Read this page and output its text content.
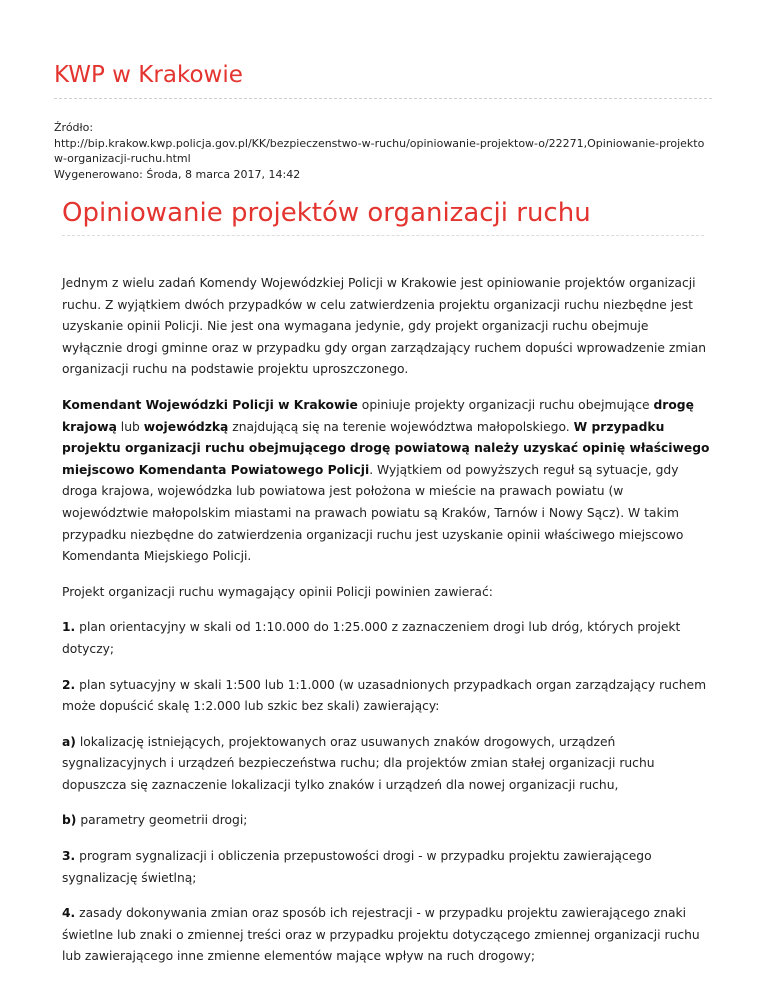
KWP w Krakowie
Źródło:
http://bip.krakow.kwp.policja.gov.pl/KK/bezpieczenstwo-w-ruchu/opiniowanie-projektow-o/22271,Opiniowanie-projekto
w-organizacji-ruchu.html
Wygenerowano: Środa, 8 marca 2017, 14:42
Opiniowanie projektów organizacji ruchu

Jednym z wielu zadań Komendy Wojewódzkiej Policji w Krakowie jest opiniowanie projektów organizacji ruchu. Z wyjątkiem dwóch przypadków w celu zatwierdzenia projektu organizacji ruchu niezbędne jest uzyskanie opinii Policji. Nie jest ona wymagana jedynie, gdy projekt organizacji ruchu obejmuje wyłącznie drogi gminne oraz w przypadku gdy organ zarządzający ruchem dopuści wprowadzenie zmian organizacji ruchu na podstawie projektu uproszczonego.

Komendant Wojewódzki Policji w Krakowie opiniuje projekty organizacji ruchu obejmujące drogę krajową lub wojewódzką znajdującą się na terenie województwa małopolskiego. W przypadku projektu organizacji ruchu obejmującego drogę powiatową należy uzyskać opinię właściwego miejscowo Komendanta Powiatowego Policji. Wyjątkiem od powyższych reguł są sytuacje, gdy droga krajowa, wojewódzka lub powiatowa jest położona w mieście na prawach powiatu (w województwie małopolskim miastami na prawach powiatu są Kraków, Tarnów i Nowy Sącz). W takim przypadku niezbędne do zatwierdzenia organizacji ruchu jest uzyskanie opinii właściwego miejscowo Komendanta Miejskiego Policji.

Projekt organizacji ruchu wymagający opinii Policji powinien zawierać:

1. plan orientacyjny w skali od 1:10.000 do 1:25.000 z zaznaczeniem drogi lub dróg, których projekt dotyczy;

2. plan sytuacyjny w skali 1:500 lub 1:1.000 (w uzasadnionych przypadkach organ zarządzający ruchem może dopuścić skalę 1:2.000 lub szkic bez skali) zawierający:

a) lokalizację istniejących, projektowanych oraz usuwanych znaków drogowych, urządzeń sygnalizacyjnych i urządzeń bezpieczeństwa ruchu; dla projektów zmian stałej organizacji ruchu dopuszcza się zaznaczenie lokalizacji tylko znaków i urządzeń dla nowej organizacji ruchu,

b) parametry geometrii drogi;

3. program sygnalizacji i obliczenia przepustowości drogi - w przypadku projektu zawierającego sygnalizację świetlną;

4. zasady dokonywania zmian oraz sposób ich rejestracji - w przypadku projektu zawierającego znaki świetlne lub znaki o zmiennej treści oraz w przypadku projektu dotyczącego zmiennej organizacji ruchu lub zawierającego inne zmienne elementów mające wpływ na ruch drogowy;
